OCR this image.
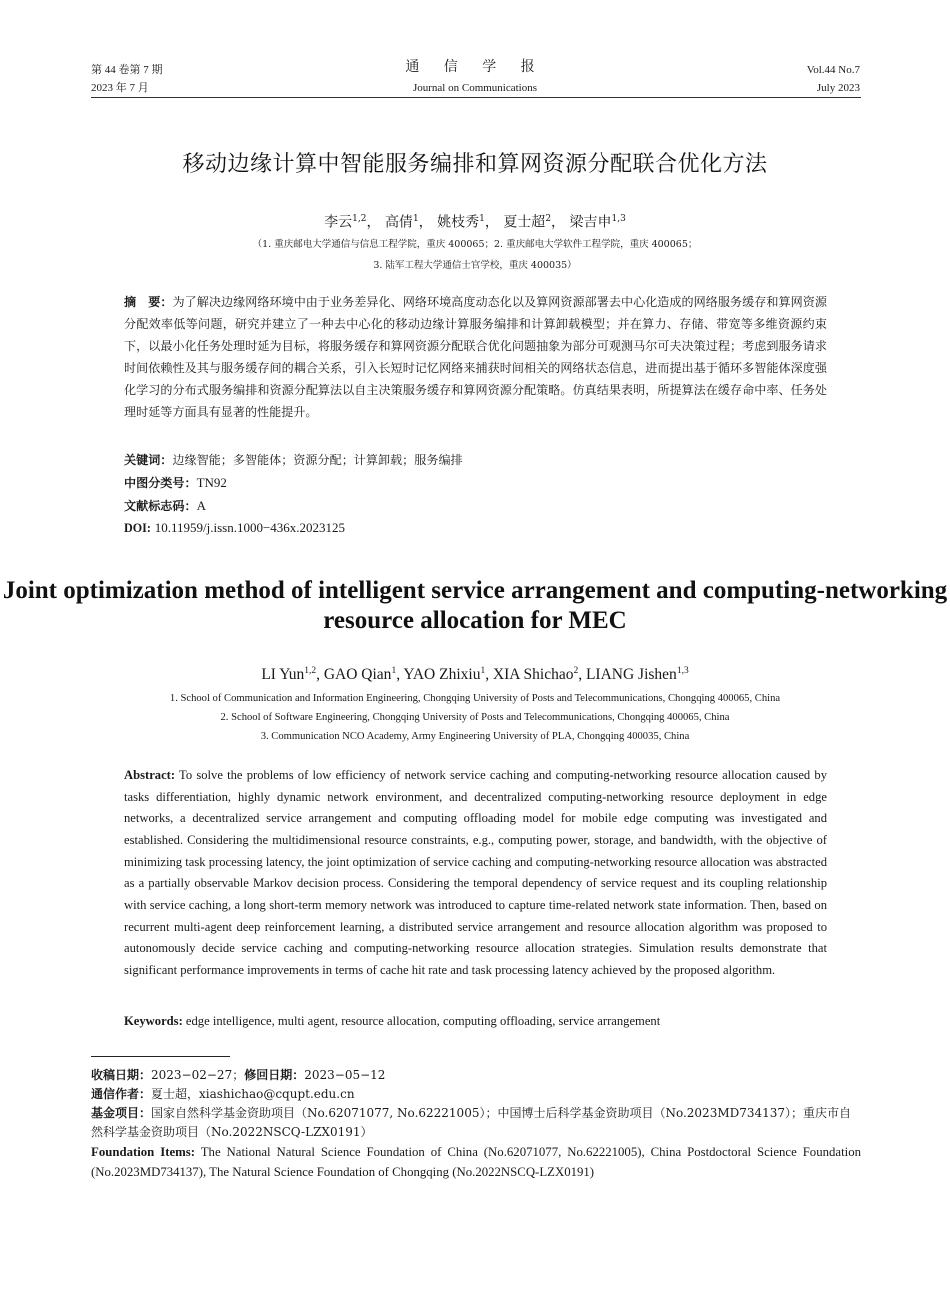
第 44 卷第 7 期
2023 年 7 月
通 信 学 报
Journal on Communications
Vol.44 No.7
July 2023
移动边缘计算中智能服务编排和算网资源分配联合优化方法
李云$^{1,2}$， 高倩$^1$， 姚枝秀$^1$， 夏士超$^2$， 梁吉申$^{1,3}$
（1. 重庆邮电大学通信与信息工程学院，重庆 400065；2. 重庆邮电大学软件工程学院，重庆 400065；
3. 陆军工程大学通信士官学校，重庆 400035）
摘　要：为了解决边缘网络环境中由于业务差异化、网络环境高度动态化以及算网资源部署去中心化造成的网络服务缓存和算网资源分配效率低等问题，研究并建立了一种去中心化的移动边缘计算服务编排和计算卸载模型；并在算力、存储、带宽等多维资源约束下，以最小化任务处理时延为目标，将服务缓存和算网资源分配联合优化问题抽象为部分可观测马尔可夫决策过程；考虑到服务请求时间依赖性及其与服务缓存间的耦合关系，引入长短时记忆网络来捕获时间相关的网络状态信息，进而提出基于循环多智能体深度强化学习的分布式服务编排和资源分配算法以自主决策服务缓存和算网资源分配策略。仿真结果表明，所提算法在缓存命中率、任务处理时延等方面具有显著的性能提升。
关键词：边缘智能；多智能体；资源分配；计算卸载；服务编排
中图分类号：TN92
文献标志码：A
DOI: 10.11959/j.issn.1000−436x.2023125
Joint optimization method of intelligent service arrangement and computing-networking resource allocation for MEC
LI Yun$^{1,2}$, GAO Qian$^1$, YAO Zhixiu$^1$, XIA Shichao$^2$, LIANG Jishen$^{1,3}$
1. School of Communication and Information Engineering, Chongqing University of Posts and Telecommunications, Chongqing 400065, China
2. School of Software Engineering, Chongqing University of Posts and Telecommunications, Chongqing 400065, China
3. Communication NCO Academy, Army Engineering University of PLA, Chongqing 400035, China
Abstract: To solve the problems of low efficiency of network service caching and computing-networking resource allocation caused by tasks differentiation, highly dynamic network environment, and decentralized computing-networking resource deployment in edge networks, a decentralized service arrangement and computing offloading model for mobile edge computing was investigated and established. Considering the multidimensional resource constraints, e.g., computing power, storage, and bandwidth, with the objective of minimizing task processing latency, the joint optimization of service caching and computing-networking resource allocation was abstracted as a partially observable Markov decision process. Considering the temporal dependency of service request and its coupling relationship with service caching, a long short-term memory network was introduced to capture time-related network state information. Then, based on recurrent multi-agent deep reinforcement learning, a distributed service arrangement and resource allocation algorithm was proposed to autonomously decide service caching and computing-networking resource allocation strategies. Simulation results demonstrate that significant performance improvements in terms of cache hit rate and task processing latency achieved by the proposed algorithm.
Keywords: edge intelligence, multi agent, resource allocation, computing offloading, service arrangement
收稿日期：2023−02−27；修回日期：2023−05−12
通信作者：夏士超，xiashichao@cqupt.edu.cn
基金项目：国家自然科学基金资助项目（No.62071077, No.62221005）；中国博士后科学基金资助项目（No.2023MD734137）；重庆市自然科学基金资助项目（No.2022NSCQ-LZX0191）
Foundation Items: The National Natural Science Foundation of China (No.62071077, No.62221005), China Postdoctoral Science Foundation (No.2023MD734137), The Natural Science Foundation of Chongqing (No.2022NSCQ-LZX0191)
